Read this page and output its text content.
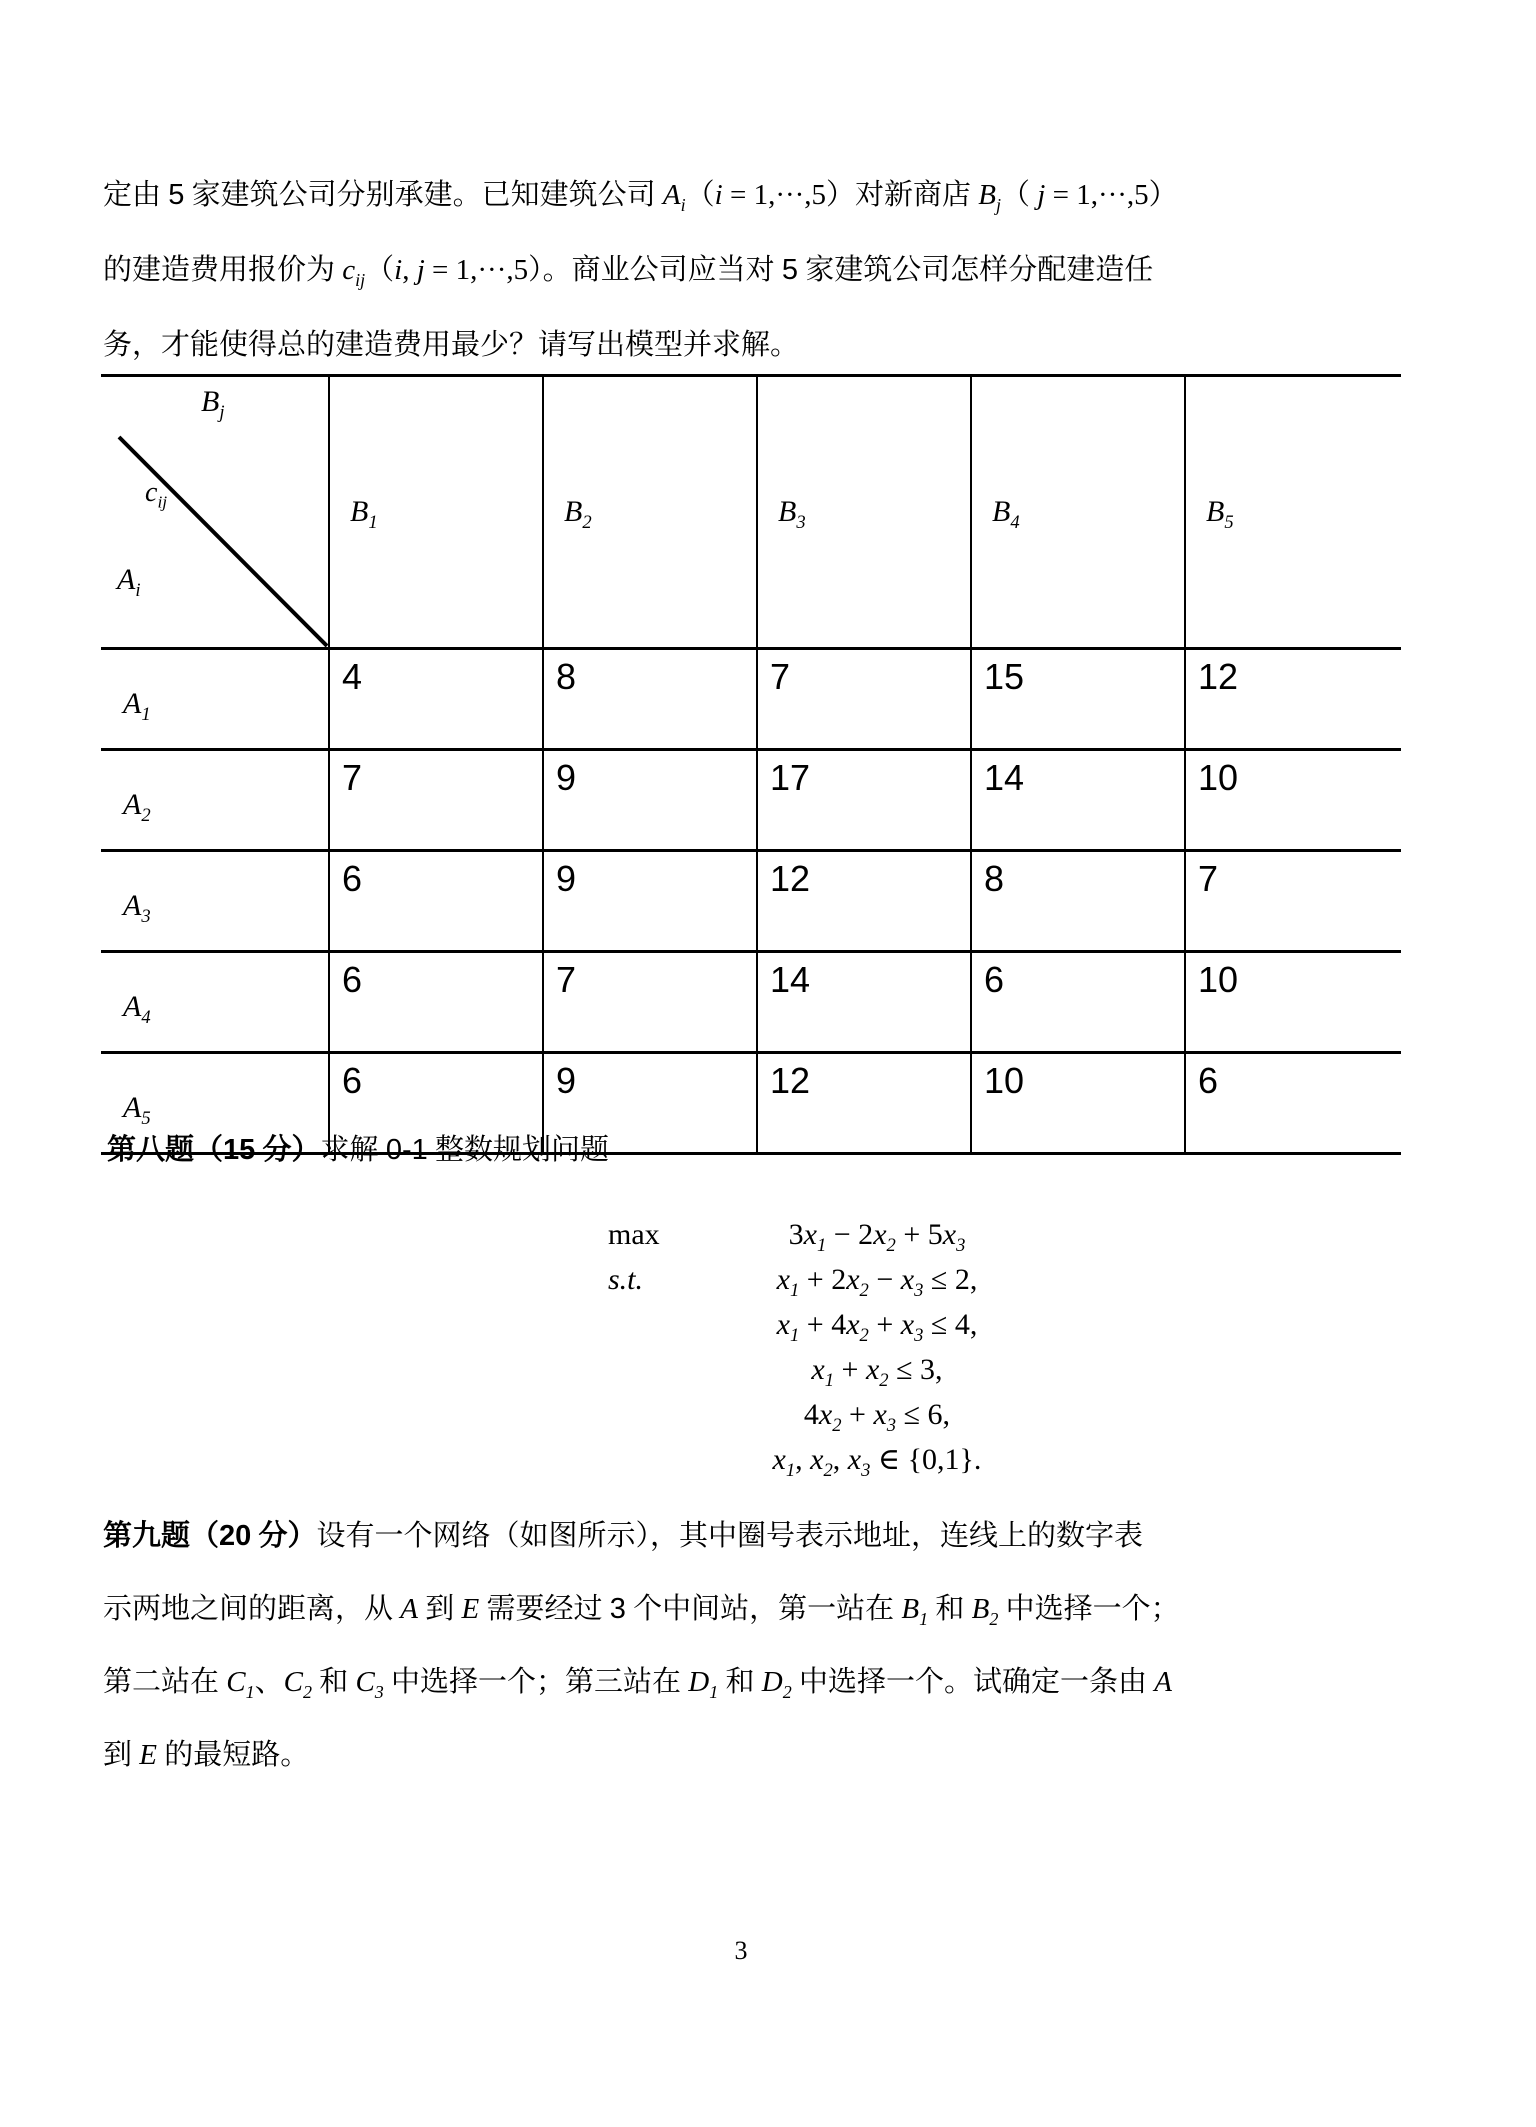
定由 5 家建筑公司分别承建。已知建筑公司 $A_i(i = 1,\cdot\cdot\cdot,5)$对新商店 $B_j$（ j = 1,···,5）
的建造费用报价为 $c_{ij}(i$, j = 1,···,5）。商业公司应当对 5 家建筑公司怎样分配建造任
务，才能使得总的建造费用最少？请写出模型并求解。
$B_j$
$c_{ij}$
$A_i$	$B_1$	$B_2$	$B_3$	$B_4$	$B_5$
$A_1$	4	8	7	15	12
$A_2$	7	9	17	14	10
$A_3$	6	9	12	8	7
$A_4$	6	7	14	6	10
$A_5$	6	9	12	10	6
第八题（15 分）求解 0-1 整数规划问题
max	$3x_1 - 2x_2 + 5x_3$
s.t.	$x_1 + 2x_2 - x_3 \le 2$,
$x_1 + 4x_2 + x_3 \le 4$,
$x_1 + x_2 \le 3$,
$4x_2 + x_3 \le 6$,
$x_1$, $x_2$, $x_3$ ∈ {0,1}.
第九题（20 分）设有一个网络（如图所示），其中圈号表示地址，连线上的数字表
示两地之间的距离，从 A 到 E 需要经过 3 个中间站，第一站在 $B_1$ 和 $B_2$ 中选择一个；
第二站在 $C_1$、$C_2$ 和 $C_3$ 中选择一个；第三站在 $D_1$ 和 $D_2$ 中选择一个。试确定一条由 A
到 E 的最短路。
3
